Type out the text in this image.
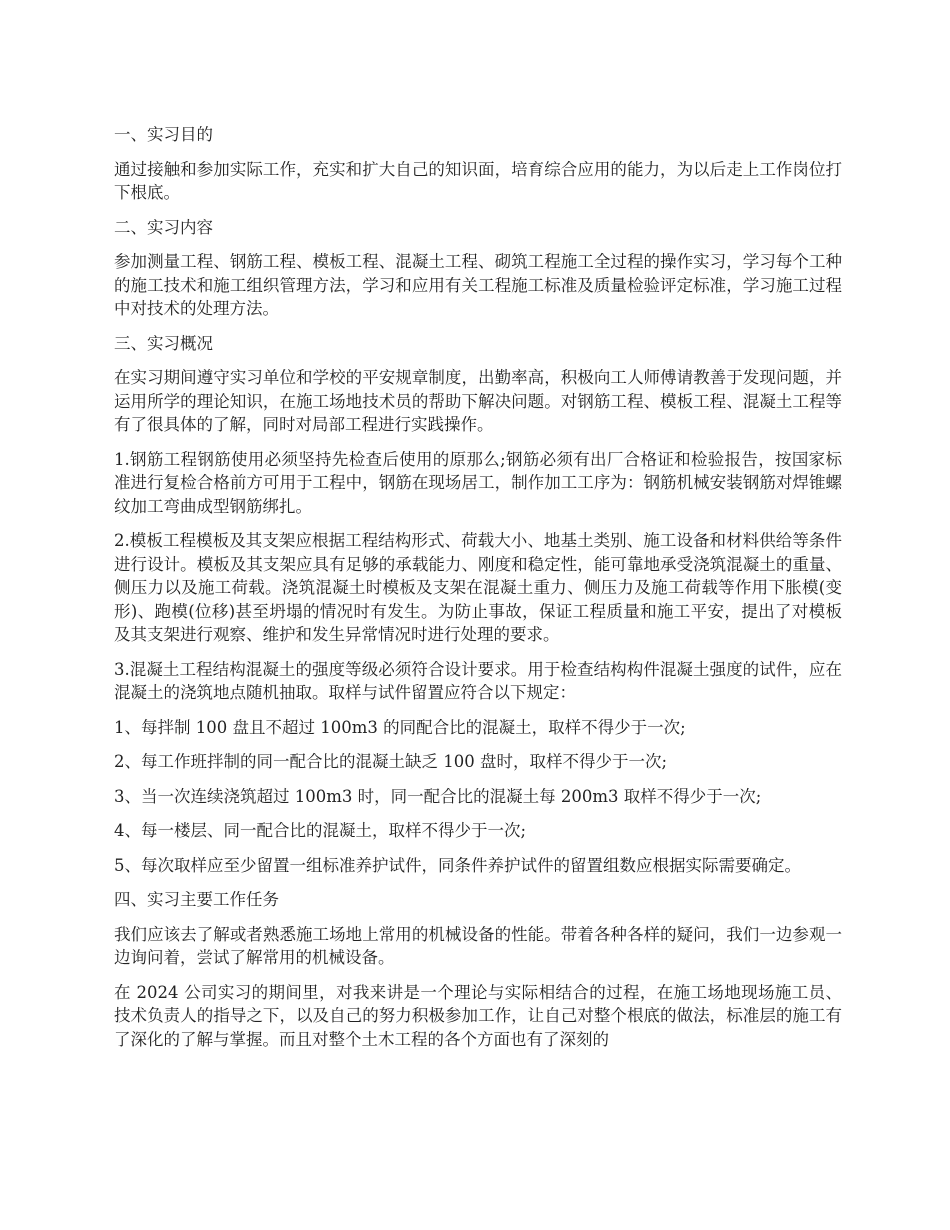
一、实习目的

通过接触和参加实际工作，充实和扩大自己的知识面，培育综合应用的能力，为以后走上工作岗位打下根底。

二、实习内容

参加测量工程、钢筋工程、模板工程、混凝土工程、砌筑工程施工全过程的操作实习，学习每个工种的施工技术和施工组织管理方法，学习和应用有关工程施工标准及质量检验评定标准，学习施工过程中对技术的处理方法。

三、实习概况

在实习期间遵守实习单位和学校的平安规章制度，出勤率高，积极向工人师傅请教善于发现问题，并运用所学的理论知识，在施工场地技术员的帮助下解决问题。对钢筋工程、模板工程、混凝土工程等有了很具体的了解，同时对局部工程进行实践操作。

1.钢筋工程钢筋使用必须坚持先检查后使用的原那么;钢筋必须有出厂合格证和检验报告，按国家标准进行复检合格前方可用于工程中，钢筋在现场居工，制作加工工序为：钢筋机械安装钢筋对焊锥螺纹加工弯曲成型钢筋绑扎。

2.模板工程模板及其支架应根据工程结构形式、荷载大小、地基土类别、施工设备和材料供给等条件进行设计。模板及其支架应具有足够的承载能力、刚度和稳定性，能可靠地承受浇筑混凝土的重量、侧压力以及施工荷载。浇筑混凝土时模板及支架在混凝土重力、侧压力及施工荷载等作用下胀模(变形)、跑模(位移)甚至坍塌的情况时有发生。为防止事故，保证工程质量和施工平安，提出了对模板及其支架进行观察、维护和发生异常情况时进行处理的要求。

3.混凝土工程结构混凝土的强度等级必须符合设计要求。用于检查结构构件混凝土强度的试件，应在混凝土的浇筑地点随机抽取。取样与试件留置应符合以下规定：

1、每拌制 100 盘且不超过 100m3 的同配合比的混凝土，取样不得少于一次;

2、每工作班拌制的同一配合比的混凝土缺乏 100 盘时，取样不得少于一次;

3、当一次连续浇筑超过 100m3 时，同一配合比的混凝土每 200m3 取样不得少于一次;

4、每一楼层、同一配合比的混凝土，取样不得少于一次;

5、每次取样应至少留置一组标准养护试件，同条件养护试件的留置组数应根据实际需要确定。

四、实习主要工作任务

我们应该去了解或者熟悉施工场地上常用的机械设备的性能。带着各种各样的疑问，我们一边参观一边询问着，尝试了解常用的机械设备。

在 2024 公司实习的期间里，对我来讲是一个理论与实际相结合的过程，在施工场地现场施工员、技术负责人的指导之下，以及自己的努力积极参加工作，让自己对整个根底的做法，标准层的施工有了深化的了解与掌握。而且对整个土木工程的各个方面也有了深刻的
